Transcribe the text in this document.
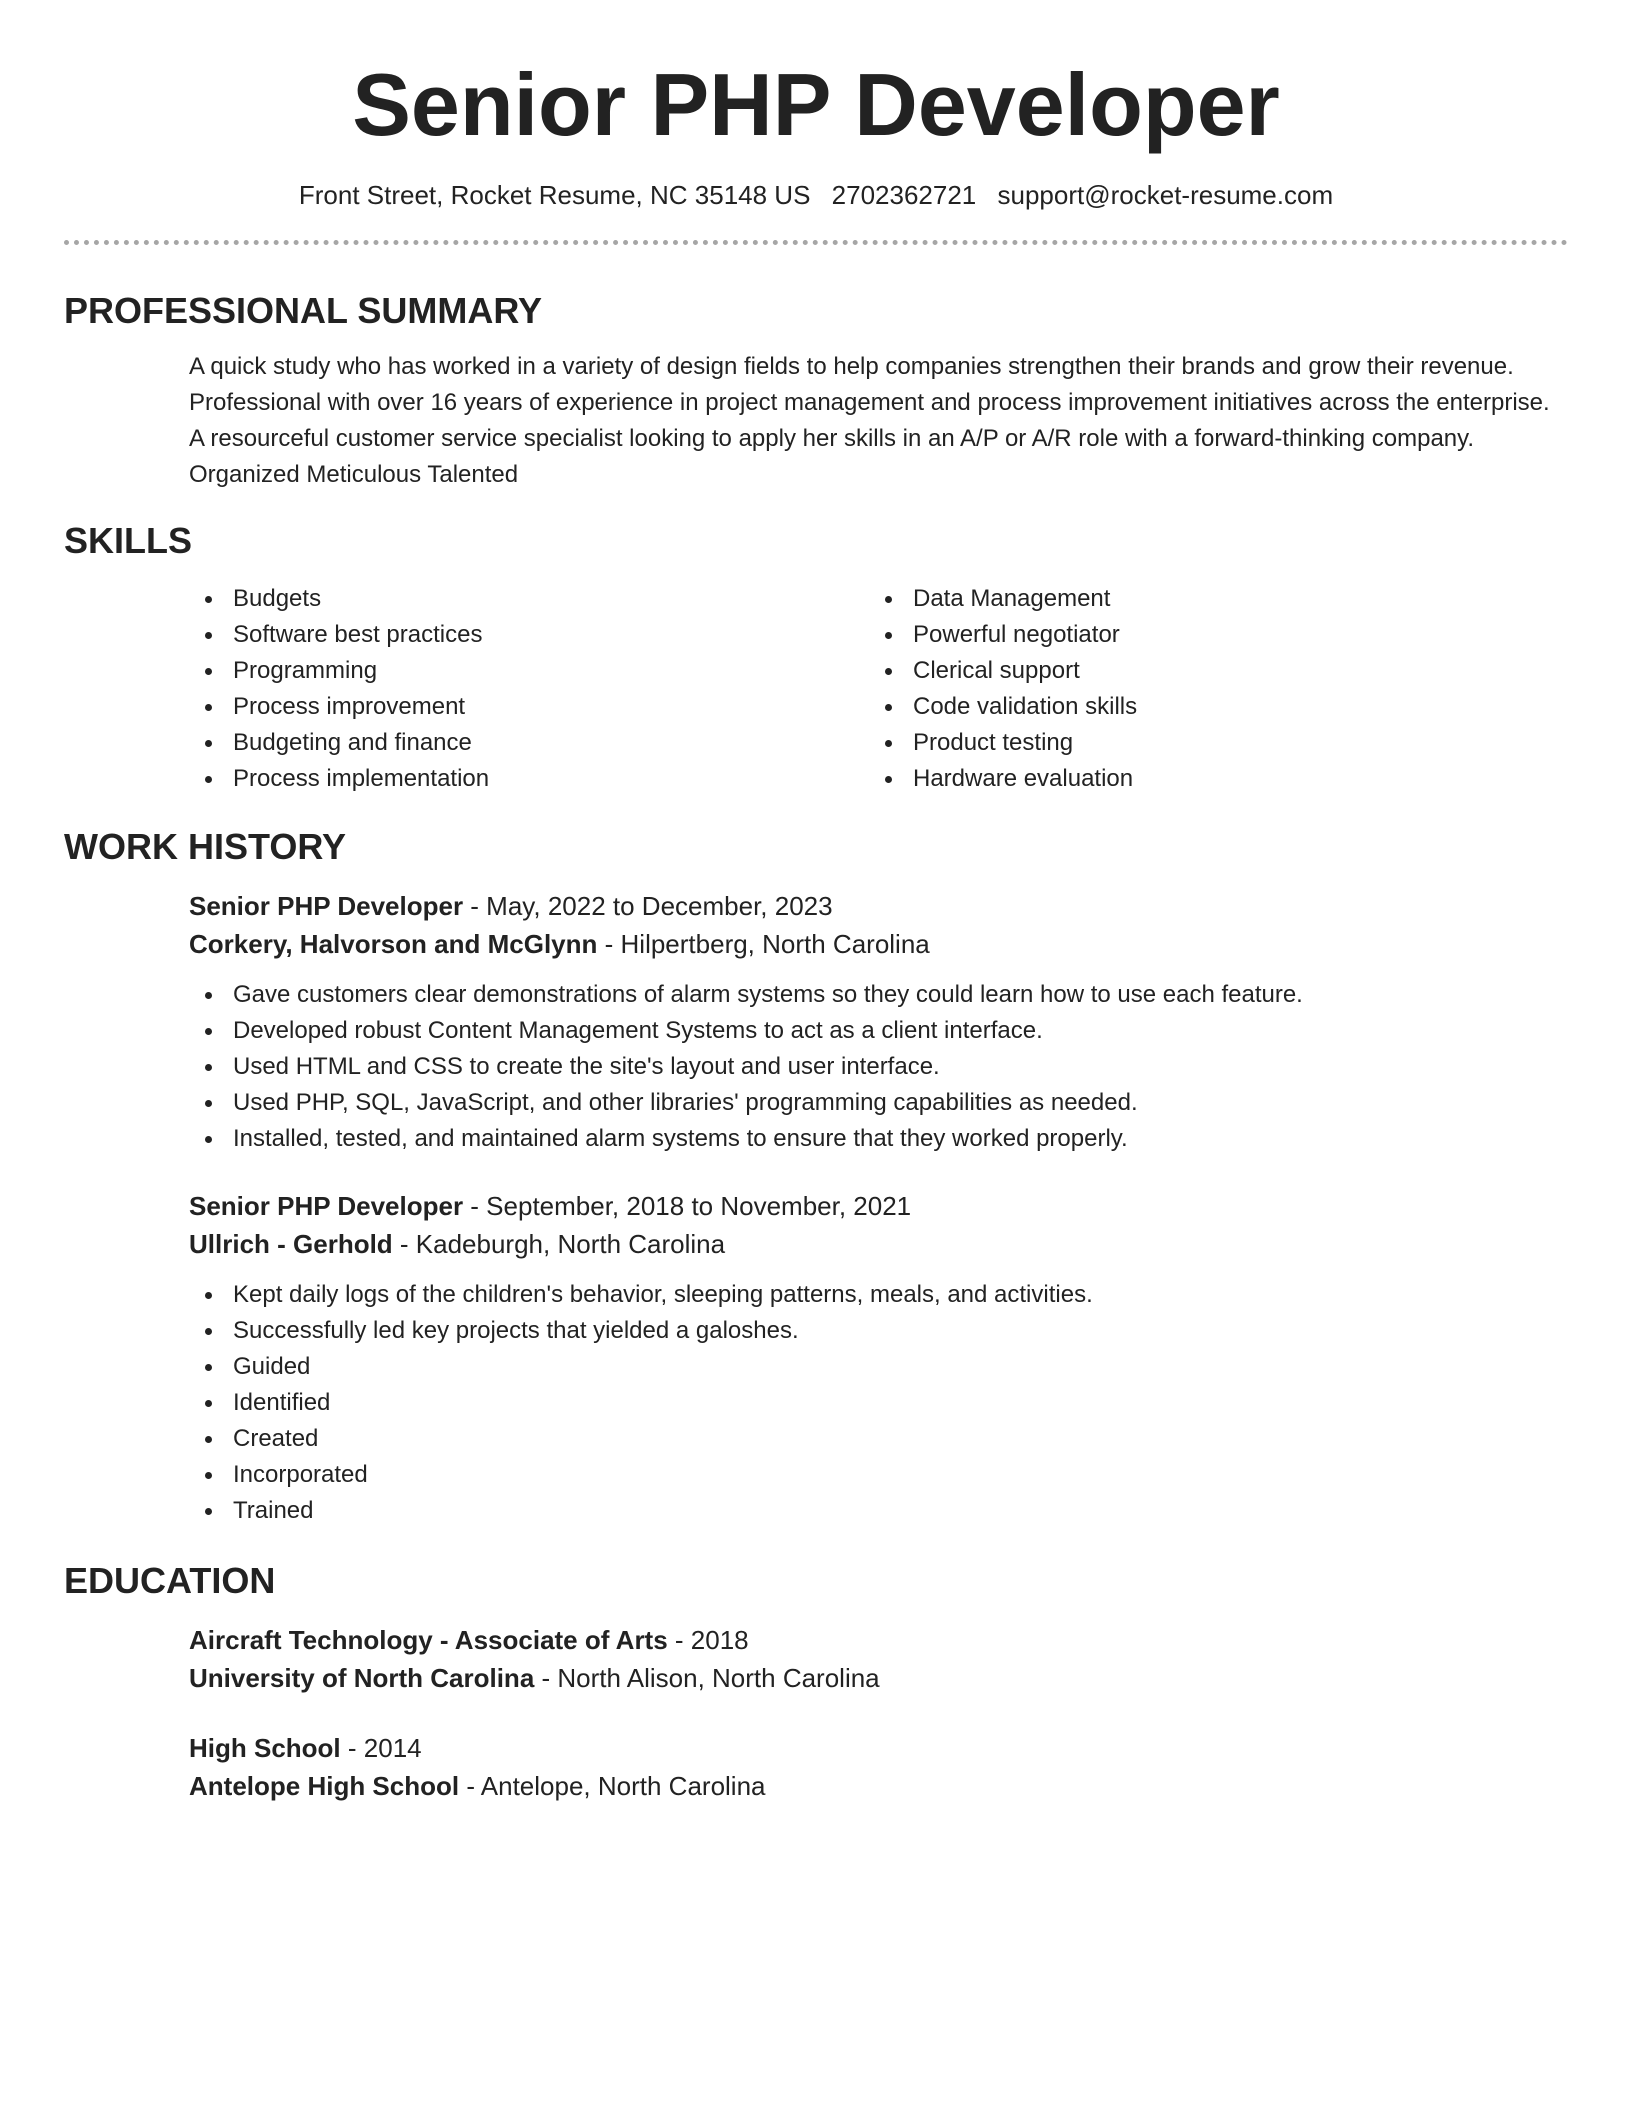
Senior PHP Developer
Front Street, Rocket Resume, NC 35148 US 2702362721 support@rocket-resume.com
PROFESSIONAL SUMMARY

A quick study who has worked in a variety of design fields to help companies strengthen their brands and grow their revenue. Professional with over 16 years of experience in project management and process improvement initiatives across the enterprise. A resourceful customer service specialist looking to apply her skills in an A/P or A/R role with a forward-thinking company. Organized Meticulous Talented

SKILLS
Budgets
Software best practices
Programming
Process improvement
Budgeting and finance
Process implementation
Data Management
Powerful negotiator
Clerical support
Code validation skills
Product testing
Hardware evaluation
WORK HISTORY
Senior PHP Developer - May, 2022 to December, 2023
Corkery, Halvorson and McGlynn - Hilpertberg, North Carolina
Gave customers clear demonstrations of alarm systems so they could learn how to use each feature.
Developed robust Content Management Systems to act as a client interface.
Used HTML and CSS to create the site's layout and user interface.
Used PHP, SQL, JavaScript, and other libraries' programming capabilities as needed.
Installed, tested, and maintained alarm systems to ensure that they worked properly.
Senior PHP Developer - September, 2018 to November, 2021
Ullrich - Gerhold - Kadeburgh, North Carolina
Kept daily logs of the children's behavior, sleeping patterns, meals, and activities.
Successfully led key projects that yielded a galoshes.
Guided
Identified
Created
Incorporated
Trained
EDUCATION
Aircraft Technology - Associate of Arts - 2018
University of North Carolina - North Alison, North Carolina
High School - 2014
Antelope High School - Antelope, North Carolina
